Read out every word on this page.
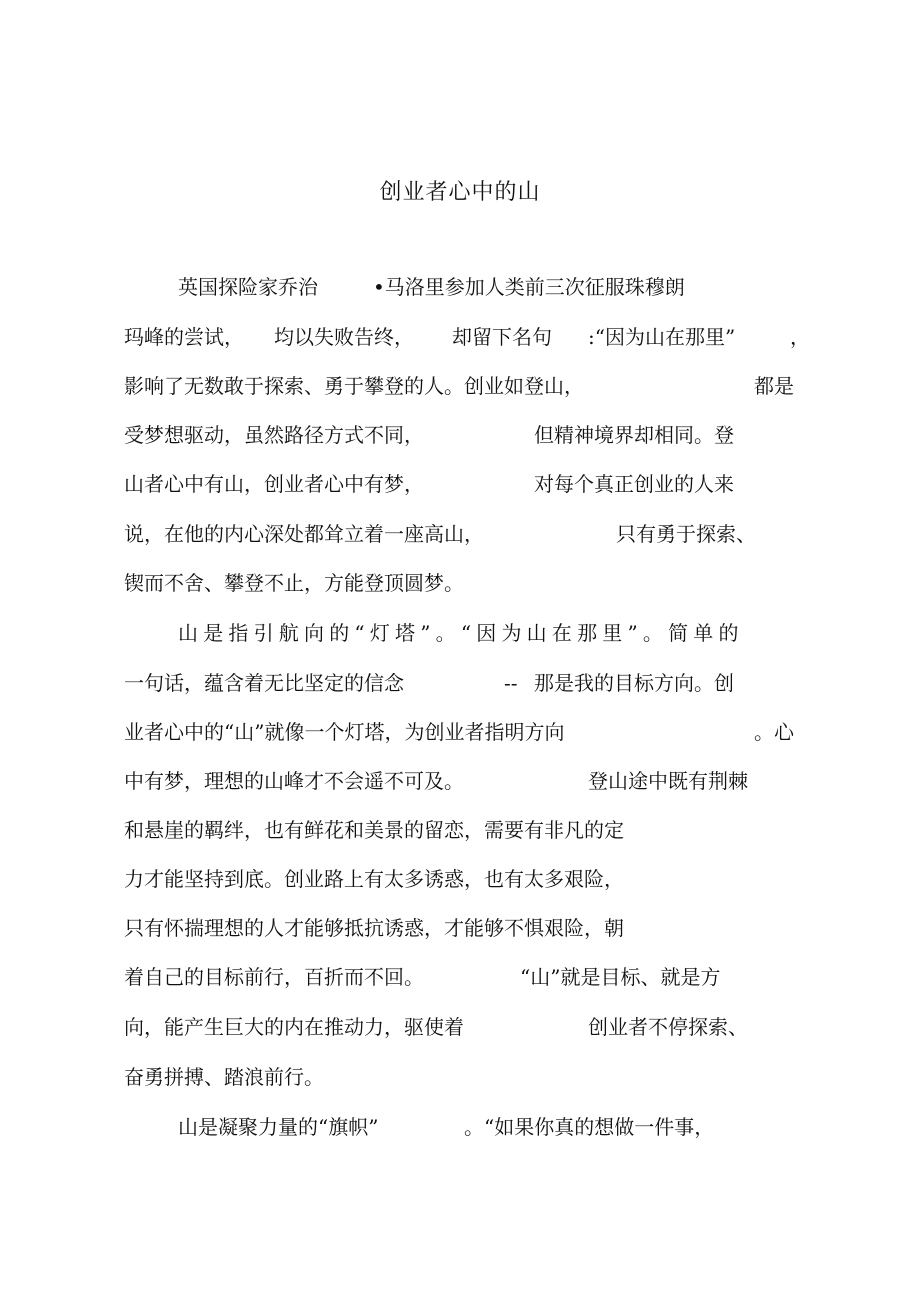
创业者心中的山

英国探险家乔治

	•马洛里参加人类前三次征服珠穆朗

玛峰的尝试，

均以失败告终，

却留下名句

:“因为山在那里”

	，

影响了无数敢于探索、勇于攀登的人。创业如登山，

	都是

受梦想驱动，虽然路径方式不同，

	但精神境界却相同。登

山者心中有山，创业者心中有梦，

	对每个真正创业的人来

说，在他的内心深处都耸立着一座高山，

	只有勇于探索、

锲而不舍、攀登不止，方能登顶圆梦。

山是指引航向的“灯塔”。“因为山在那里”。简单的

一句话，蕴含着无比坚定的信念

	--

那是我的目标方向。创

业者心中的“山”就像一个灯塔，为创业者指明方向

	。心

中有梦，理想的山峰才不会遥不可及。

	登山途中既有荆棘

和悬崖的羁绊，也有鲜花和美景的留恋，需要有非凡的定

力才能坚持到底。创业路上有太多诱惑，也有太多艰险，

只有怀揣理想的人才能够抵抗诱惑，才能够不惧艰险，朝

着自己的目标前行，百折而不回。

	“山”就是目标、就是方

向，能产生巨大的内在推动力，驱使着

	创业者不停探索、

奋勇拼搏、踏浪前行。

山是凝聚力量的“旗帜”

	。“如果你真的想做一件事，
